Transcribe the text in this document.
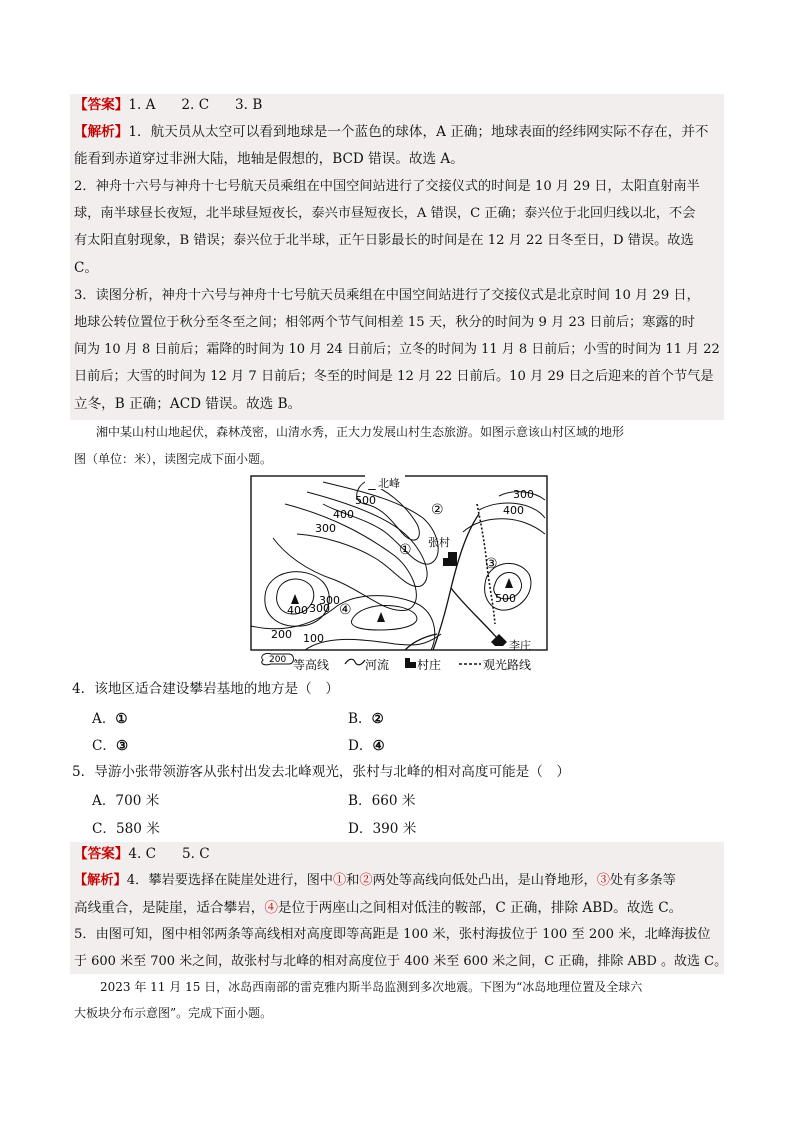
【答案】1. A      2. C      3. B
【解析】1．航天员从太空可以看到地球是一个蓝色的球体，A 正确；地球表面的经纬网实际不存在，并不
能看到赤道穿过非洲大陆，地轴是假想的，BCD 错误。故选 A。
2．神舟十六号与神舟十七号航天员乘组在中国空间站进行了交接仪式的时间是 10 月 29 日，太阳直射南半
球，南半球昼长夜短，北半球昼短夜长，泰兴市昼短夜长，A 错误，C 正确；泰兴位于北回归线以北，不会
有太阳直射现象，B 错误；泰兴位于北半球，正午日影最长的时间是在 12 月 22 日冬至日，D 错误。故选
C。
3．读图分析，神舟十六号与神舟十七号航天员乘组在中国空间站进行了交接仪式是北京时间 10 月 29 日，
地球公转位置位于秋分至冬至之间；相邻两个节气间相差 15 天，秋分的时间为 9 月 23 日前后；寒露的时
间为 10 月 8 日前后；霜降的时间为 10 月 24 日前后；立冬的时间为 11 月 8 日前后；小雪的时间为 11 月 22
日前后；大雪的时间为 12 月 7 日前后；冬至的时间是 12 月 22 日前后。10 月 29 日之后迎来的首个节气是
立冬，B 正确；ACD 错误。故选 B。
湘中某山村山地起伏，森林茂密，山清水秀，正大力发展山村生态旅游。如图示意该山村区域的地形
图（单位：米），读图完成下面小题。
北峰
张村
李庄
500
400
300
300
400
300
200 100
400
300	500
①
②
③
④
200 等高线	河流 村庄	观光路线
4．该地区适合建设攀岩基地的地方是（　）
A．①	B．②
C．③	D．④
5．导游小张带领游客从张村出发去北峰观光，张村与北峰的相对高度可能是（　）
A．700 米	B．660 米
C．580 米	D．390 米
【答案】4. C      5. C
【解析】4．攀岩要选择在陡崖处进行，图中①和②两处等高线向低处凸出，是山脊地形，③处有多条等
高线重合，是陡崖，适合攀岩，④是位于两座山之间相对低洼的鞍部，C 正确，排除 ABD。故选 C。
5．由图可知，图中相邻两条等高线相对高度即等高距是 100 米，张村海拔位于 100 至 200 米，北峰海拔位
于 600 米至 700 米之间，故张村与北峰的相对高度位于 400 米至 600 米之间，C 正确，排除 ABD 。故选 C。
2023 年 11 月 15 日，冰岛西南部的雷克雅内斯半岛监测到多次地震。下图为“冰岛地理位置及全球六
大板块分布示意图”。完成下面小题。
